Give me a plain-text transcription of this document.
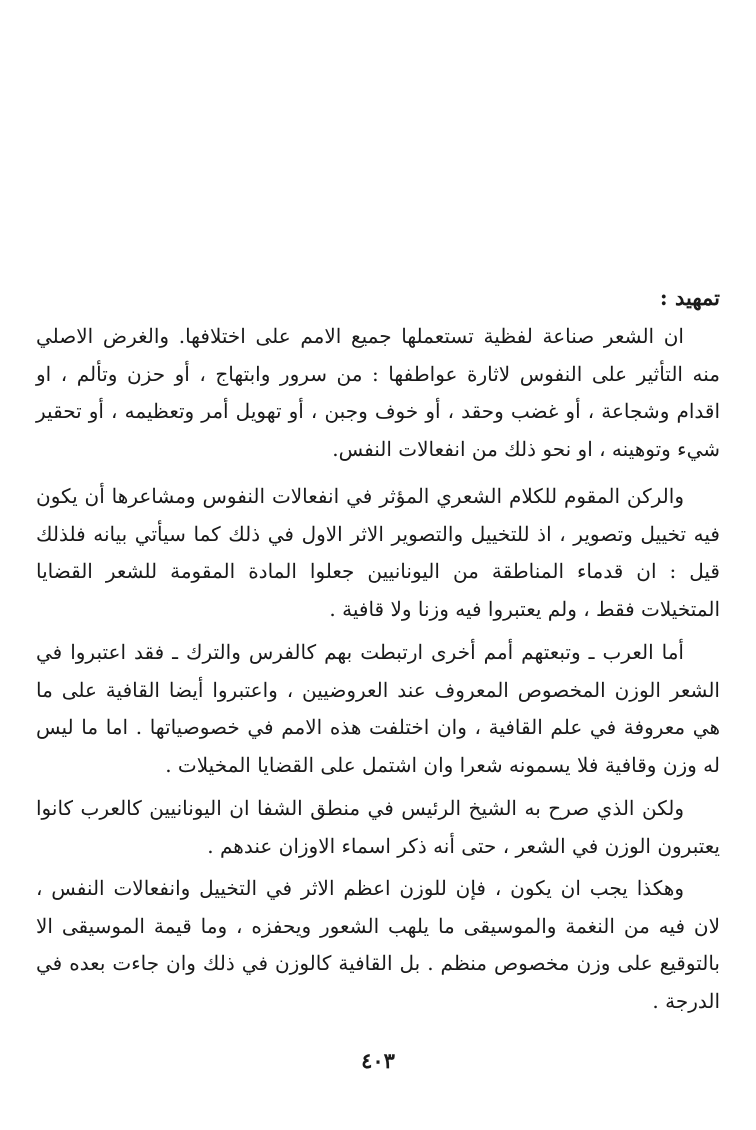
تمهيد :

ان الشعر صناعة لفظية تستعملها جميع الامم على اختلافها. والغرض الاصلي منه التأثير على النفوس لاثارة عواطفها : من سرور وابتهاج ، أو حزن وتألم ، او اقدام وشجاعة ، أو غضب وحقد ، أو خوف وجبن ، أو تهويل أمر وتعظيمه ، أو تحقير شيء وتوهينه ، او نحو ذلك من انفعالات النفس.

والركن المقوم للكلام الشعري المؤثر في انفعالات النفوس ومشاعرها أن يكون فيه تخييل وتصوير ، اذ للتخييل والتصوير الاثر الاول في ذلك كما سيأتي بيانه فلذلك قيل : ان قدماء المناطقة من اليونانيين جعلوا المادة المقومة للشعر القضايا المتخيلات فقط ، ولم يعتبروا فيه وزنا ولا قافية .

أما العرب ـ وتبعتهم أمم أخرى ارتبطت بهم كالفرس والترك ـ فقد اعتبروا في الشعر الوزن المخصوص المعروف عند العروضيين ، واعتبروا أيضا القافية على ما هي معروفة في علم القافية ، وان اختلفت هذه الامم في خصوصياتها . اما ما ليس له وزن وقافية فلا يسمونه شعرا وان اشتمل على القضايا المخيلات .

ولكن الذي صرح به الشيخ الرئيس في منطق الشفا ان اليونانيين كالعرب كانوا يعتبرون الوزن في الشعر ، حتى أنه ذكر اسماء الاوزان عندهم .

وهكذا يجب ان يكون ، فإن للوزن اعظم الاثر في التخييل وانفعالات النفس ، لان فيه من النغمة والموسيقى ما يلهب الشعور ويحفزه ، وما قيمة الموسيقى الا بالتوقيع على وزن مخصوص منظم . بل القافية كالوزن في ذلك وان جاءت بعده في الدرجة .

٤٠٣
